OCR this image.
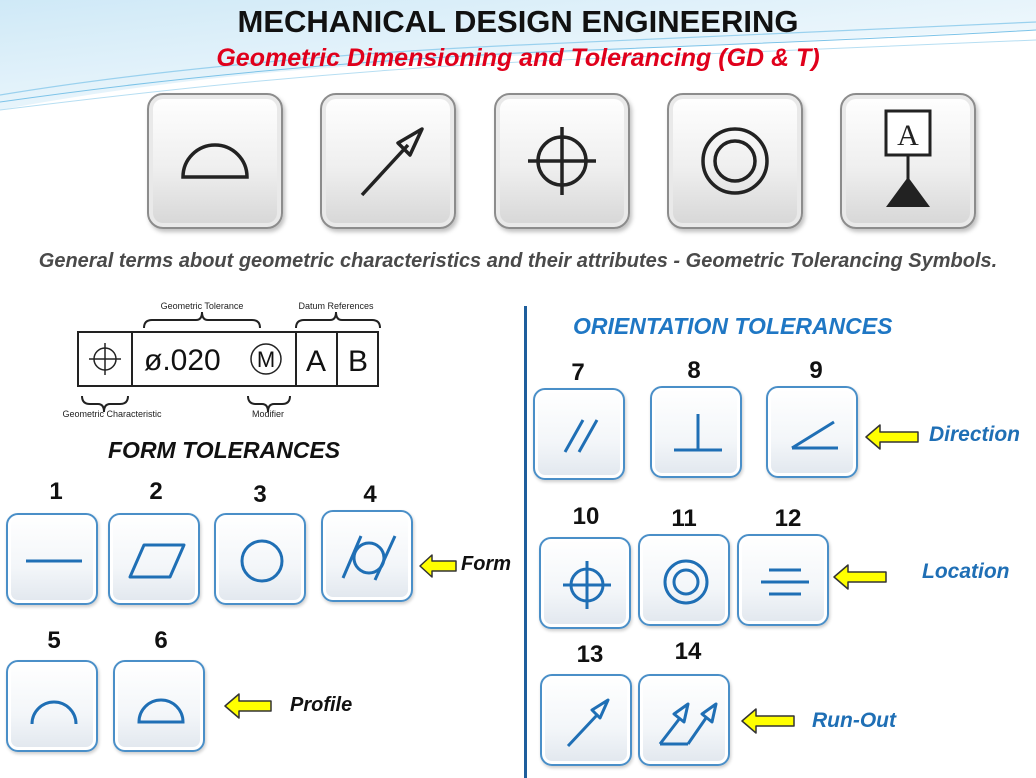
MECHANICAL DESIGN ENGINEERING
Geometric Dimensioning and Tolerancing (GD & T)
A
General terms about geometric characteristics and their attributes - Geometric Tolerancing Symbols.
ø.020 M A B
Geometric Tolerance	Datum References
Geometric Characteristic	Modifier
FORM TOLERANCES
1	2	3	4
Form
5	6
Profile
ORIENTATION TOLERANCES
7	8	9
Direction
10	11	12
Location
13	14
Run-Out
